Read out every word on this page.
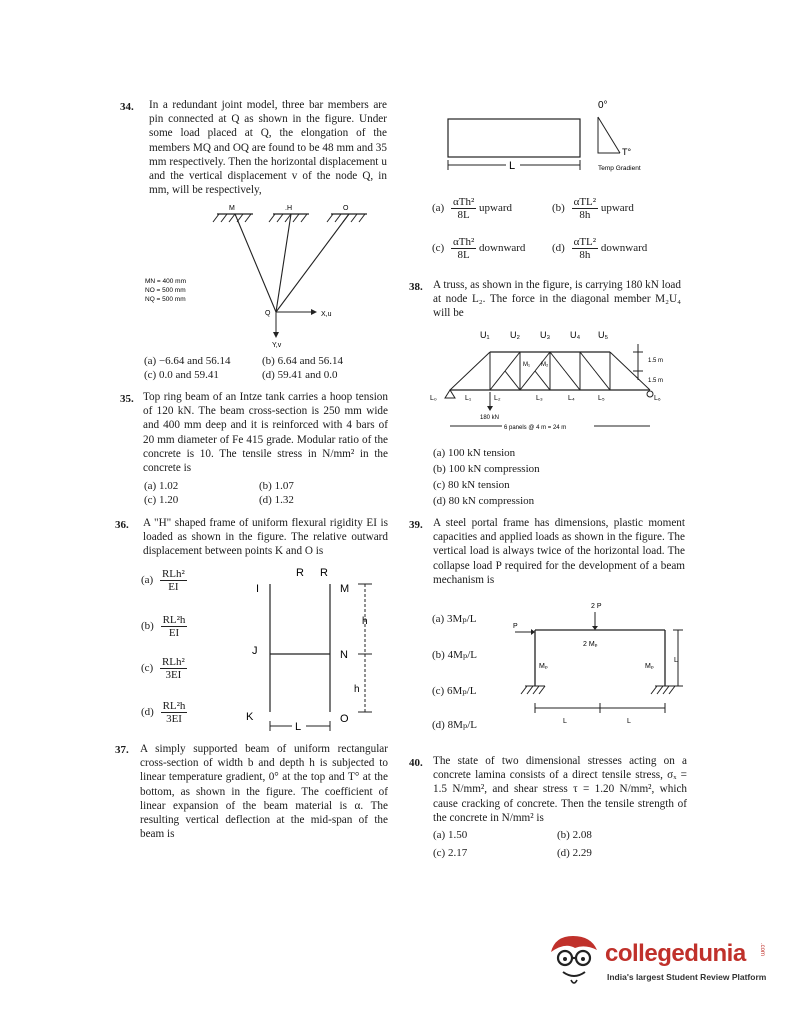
34. In a redundant joint model, three bar members are pin connected at Q as shown in the figure. Under some load placed at Q, the elongation of the members MQ and OQ are found to be 48 mm and 35 mm respectively. Then the horizontal displacement u and the vertical displacement v of the node Q, in mm, will be respectively,
M	.H	O
Q	X,u
Y,v
MN = 400 mm
NO = 500 mm
NQ = 500 mm
(a) −6.64 and 56.14	(b) 6.64 and 56.14
(c) 0.0 and 59.41	(d) 59.41 and 0.0
35. Top ring beam of an Intze tank carries a hoop tension of 120 kN. The beam cross-section is 250 mm wide and 400 mm deep and it is reinforced with 4 bars of 20 mm diameter of Fe 415 grade. Modular ratio of the concrete is 10. The tensile stress in N/mm² in the concrete is
(a) 1.02	(b) 1.07
(c) 1.20	(d) 1.32
36. A "H" shaped frame of uniform flexural rigidity EI is loaded as shown in the figure. The relative outward displacement between points K and O is
$(a) \frac{\text{RLh²}}{EI}$
$(b) \frac{\text{RL²h}}{EI}$
$(c) \frac{\text{RLh²}}{3EI}$
$(d) \frac{\text{RL²h}}{3EI}$
R R
I	M
J	N
K	O
h
h
L
37. A simply supported beam of uniform rectangular cross-section of width b and depth h is subjected to linear temperature gradient, 0° at the top and T° at the bottom, as shown in the figure. The coefficient of linear expansion of the beam material is α. The resulting vertical deflection at the mid-span of the beam is
L
0°
T°
Temp Gradient
$(a) \frac{\text{αTh²}}{8L}$ upward	$(b) \frac{\text{αTL²}}{8h}$ upward
$(c) \frac{\text{αTh²}}{8L}$ downward $(d) \frac{\text{αTL²}}{8h}$ downward
38. A truss, as shown in the figure, is carrying 180 kN load at node L₂. The force in the diagonal member M₂U₄ will be
180 kN
6 panels @ 4 m = 24 m
U₁ U₂ U₃ U₄ U₅
M₁ M₂
L₀	L₁	L₂	L₃	L₄	L₅	L₆
1.5 m
1.5 m
(a) 100 kN tension
(b) 100 kN compression
(c) 80 kN tension
(d) 80 kN compression
39. A steel portal frame has dimensions, plastic moment capacities and applied loads as shown in the figure. The vertical load is always twice of the horizontal load. The collapse load P required for the development of a beam mechanism is
(a) 3Mₚ/L
(b) 4Mₚ/L
(c) 6Mₚ/L
(d) 8Mₚ/L
2 P
P
2 Mₚ
Mₚ	Mₚ
L	L
L
40. The state of two dimensional stresses acting on a concrete lamina consists of a direct tensile stress, σₓ = 1.5 N/mm², and shear stress τ = 1.20 N/mm², which cause cracking of concrete. Then the tensile strength of the concrete in N/mm² is
(a) 1.50	(b) 2.08
(c) 2.17	(d) 2.29
collegedunia .com
India's largest Student Review Platform
